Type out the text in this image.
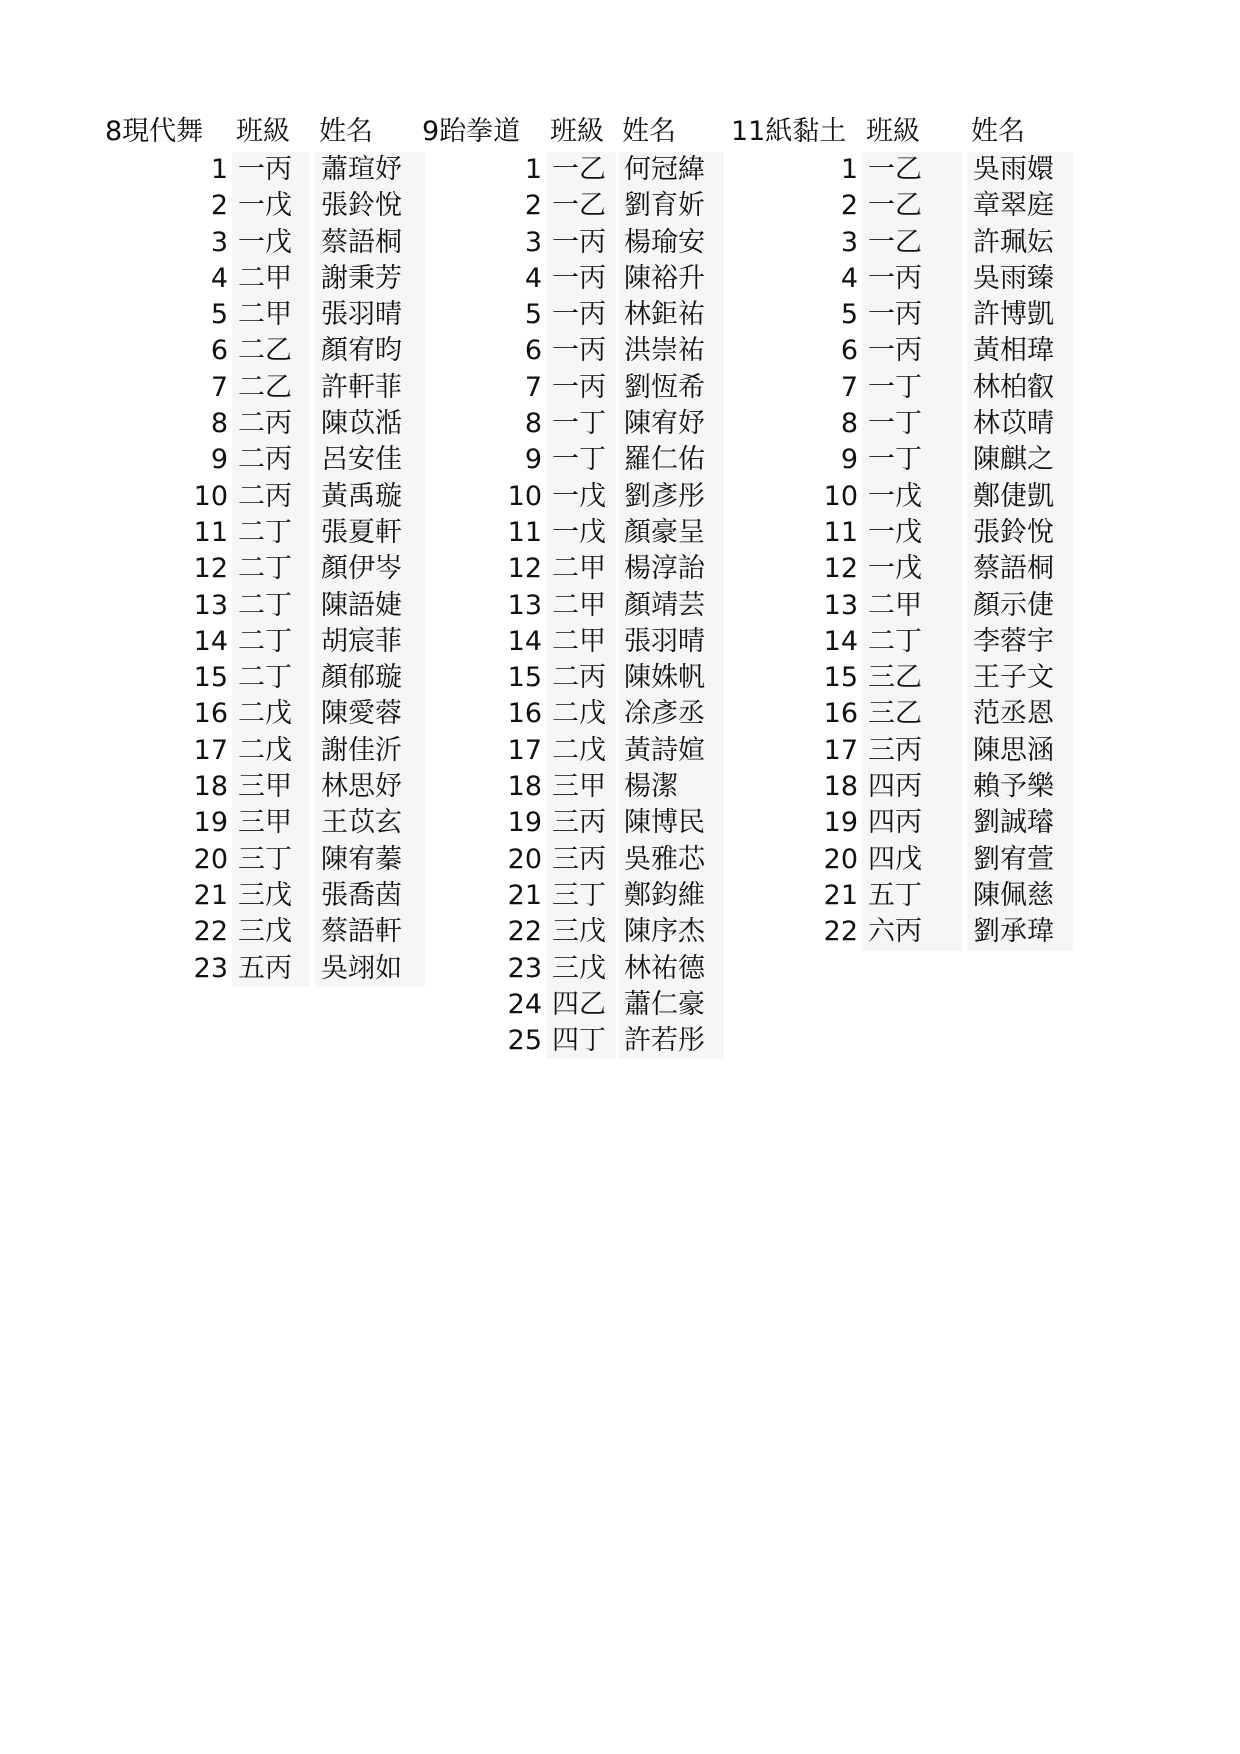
8現代舞	班級	姓名
1 一丙	蕭瑄妤
2 一戊	張鈴悅
3 一戊	蔡語桐
4 二甲	謝秉芳
5 二甲	張羽晴
6 二乙	顏宥昀
7 二乙	許軒菲
8 二丙	陳苡湉
9 二丙	呂安佳
10 二丙	黃禹璇
11 二丁	張夏軒
12 二丁	顏伊岑
13 二丁	陳語婕
14 二丁	胡宸菲
15 二丁	顏郁璇
16 二戊	陳愛蓉
17 二戊	謝佳沂
18 三甲	林思妤
19 三甲	王苡玄
20 三丁	陳宥蓁
21 三戊	張喬茵
22 三戊	蔡語軒
23 五丙	吳翊如
9跆拳道	班級 姓名
1 一乙 何冠緯
2 一乙 劉育妡
3 一丙 楊瑜安
4 一丙 陳裕升
5 一丙 林鉅祐
6 一丙 洪崇祐
7 一丙 劉恆希
8 一丁 陳宥妤
9 一丁 羅仁佑
10 一戊 劉彥彤
11 一戊 顏豪呈
12 二甲 楊淳詒
13 二甲 顏靖芸
14 二甲 張羽晴
15 二丙 陳姝帆
16 二戊 凃彥丞
17 二戊 黃詩媗
18 三甲 楊潔
19 三丙 陳博民
20 三丙 吳雅芯
21 三丁 鄭鈞維
22 三戊 陳序杰
23 三戊 林祐德
24 四乙 蕭仁豪
25 四丁 許若彤
11紙黏土 班級	姓名
1 一乙	吳雨嬛
2 一乙	章翠庭
3 一乙	許珮妘
4 一丙	吳雨臻
5 一丙	許博凱
6 一丙	黃相瑋
7 一丁	林柏叡
8 一丁	林苡晴
9 一丁	陳麒之
10 一戊	鄭倢凱
11 一戊	張鈴悅
12 一戊	蔡語桐
13 二甲	顏示倢
14 二丁	李蓉宇
15 三乙	王子文
16 三乙	范丞恩
17 三丙	陳思涵
18 四丙	賴予樂
19 四丙	劉誠璿
20 四戊	劉宥萱
21 五丁	陳佩慈
22 六丙	劉承瑋
